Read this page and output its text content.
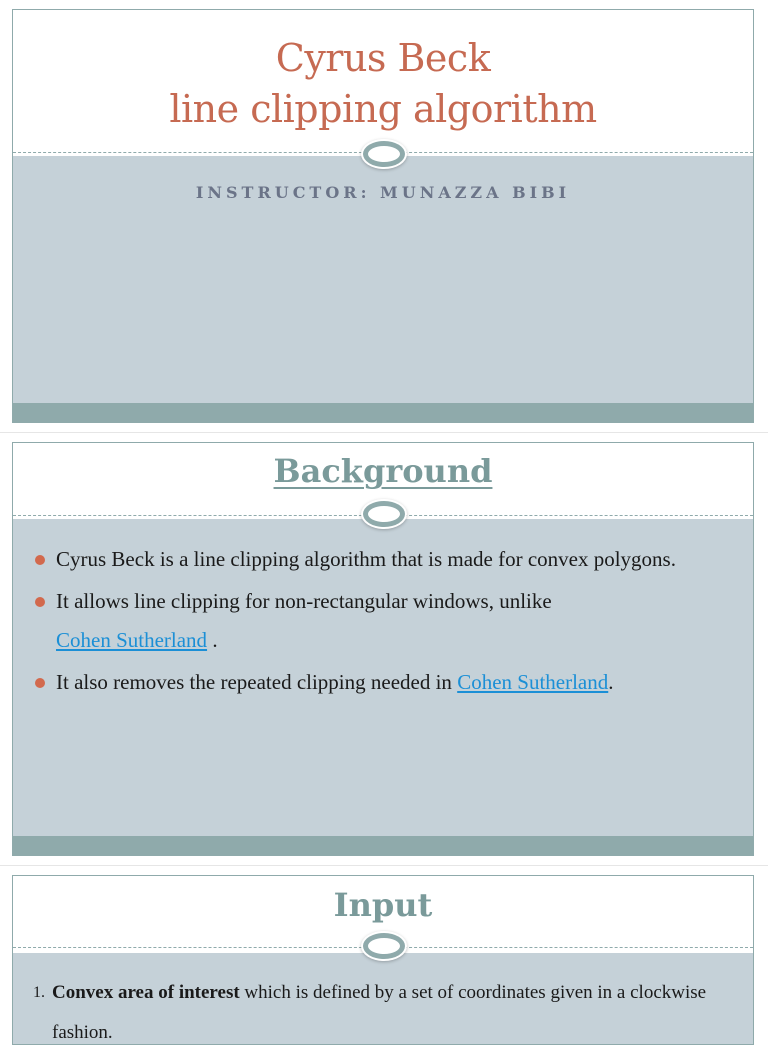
Cyrus Beck
line clipping algorithm
INSTRUCTOR: MUNAZZA BIBI
Background
Cyrus Beck is a line clipping algorithm that is made for convex polygons.
It allows line clipping for non-rectangular windows, unlike
Cohen Sutherland .
It also removes the repeated clipping needed in Cohen Sutherland.
Input
1. Convex area of interest which is defined by a set of coordinates given in a clockwise fashion.
